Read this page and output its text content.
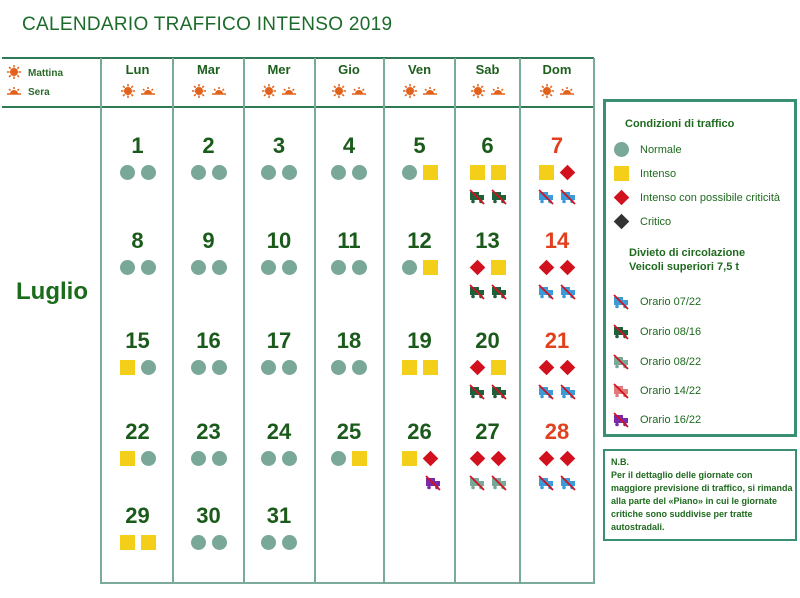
CALENDARIO TRAFFICO INTENSO 2019
Mattina
Sera
Luglio
Lun	Mar	Mer	Gio	Ven	Sab	Dom
1	2	3	4	5	6	7
8	9	10	11	12	13	14
15	16	17	18	19	20	21
22	23	24	25	26	27	28
29	30	31
Condizioni di traffico
Normale
Intenso
Intenso con possibile criticità
Critico
Divieto di circolazione
Veicoli superiori 7,5 t
Orario 07/22
Orario 08/16
Orario 08/22
Orario 14/22
Orario 16/22
N.B.
Per il dettaglio delle giornate con maggiore previsione di traffico, si rimanda alla parte del «Piano» in cui le giornate critiche sono suddivise per tratte autostradali.
